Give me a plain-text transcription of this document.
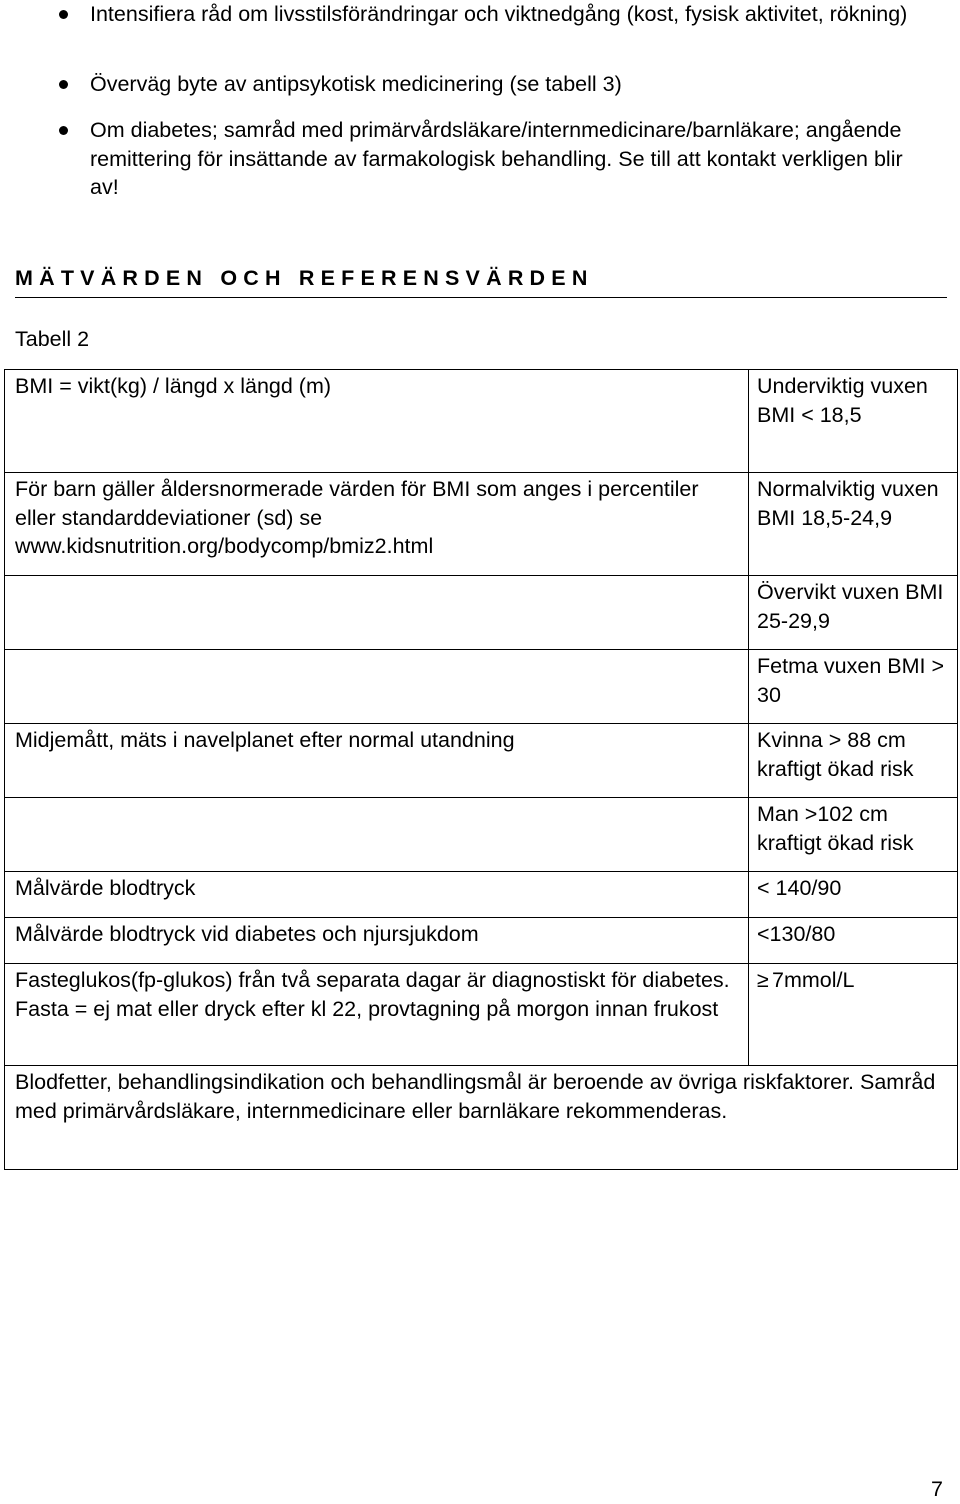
Intensifiera råd om livsstilsförändringar och viktnedgång (kost, fysisk aktivitet, rökning)
Överväg byte av antipsykotisk medicinering (se tabell 3)
Om diabetes; samråd med primärvårdsläkare/internmedicinare/barnläkare; angående remittering för insättande av farmakologisk behandling. Se till att kontakt verkligen blir av!
MÄTVÄRDEN OCH REFERENSVÄRDEN
Tabell 2
BMI = vikt(kg) / längd x längd (m)	Underviktig vuxen BMI < 18,5
För barn gäller åldersnormerade värden för BMI som anges i percentiler eller standarddeviationer (sd) se www.kidsnutrition.org/bodycomp/bmiz2.html	Normalviktig vuxen BMI 18,5-24,9
	Övervikt vuxen BMI 25-29,9
	Fetma vuxen BMI > 30
Midjemått, mäts i navelplanet efter normal utandning	Kvinna > 88 cm kraftigt ökad risk
	Man >102 cm kraftigt ökad risk
Målvärde blodtryck	< 140/90
Målvärde blodtryck vid diabetes och njursjukdom	<130/80
Fasteglukos(fp-glukos) från två separata dagar är diagnostiskt för diabetes. Fasta = ej mat eller dryck efter kl 22, provtagning på morgon innan frukost	≥ 7mmol/L
Blodfetter, behandlingsindikation och behandlingsmål är beroende av övriga riskfaktorer. Samråd med primärvårdsläkare, internmedicinare eller barnläkare rekommenderas.	
7
